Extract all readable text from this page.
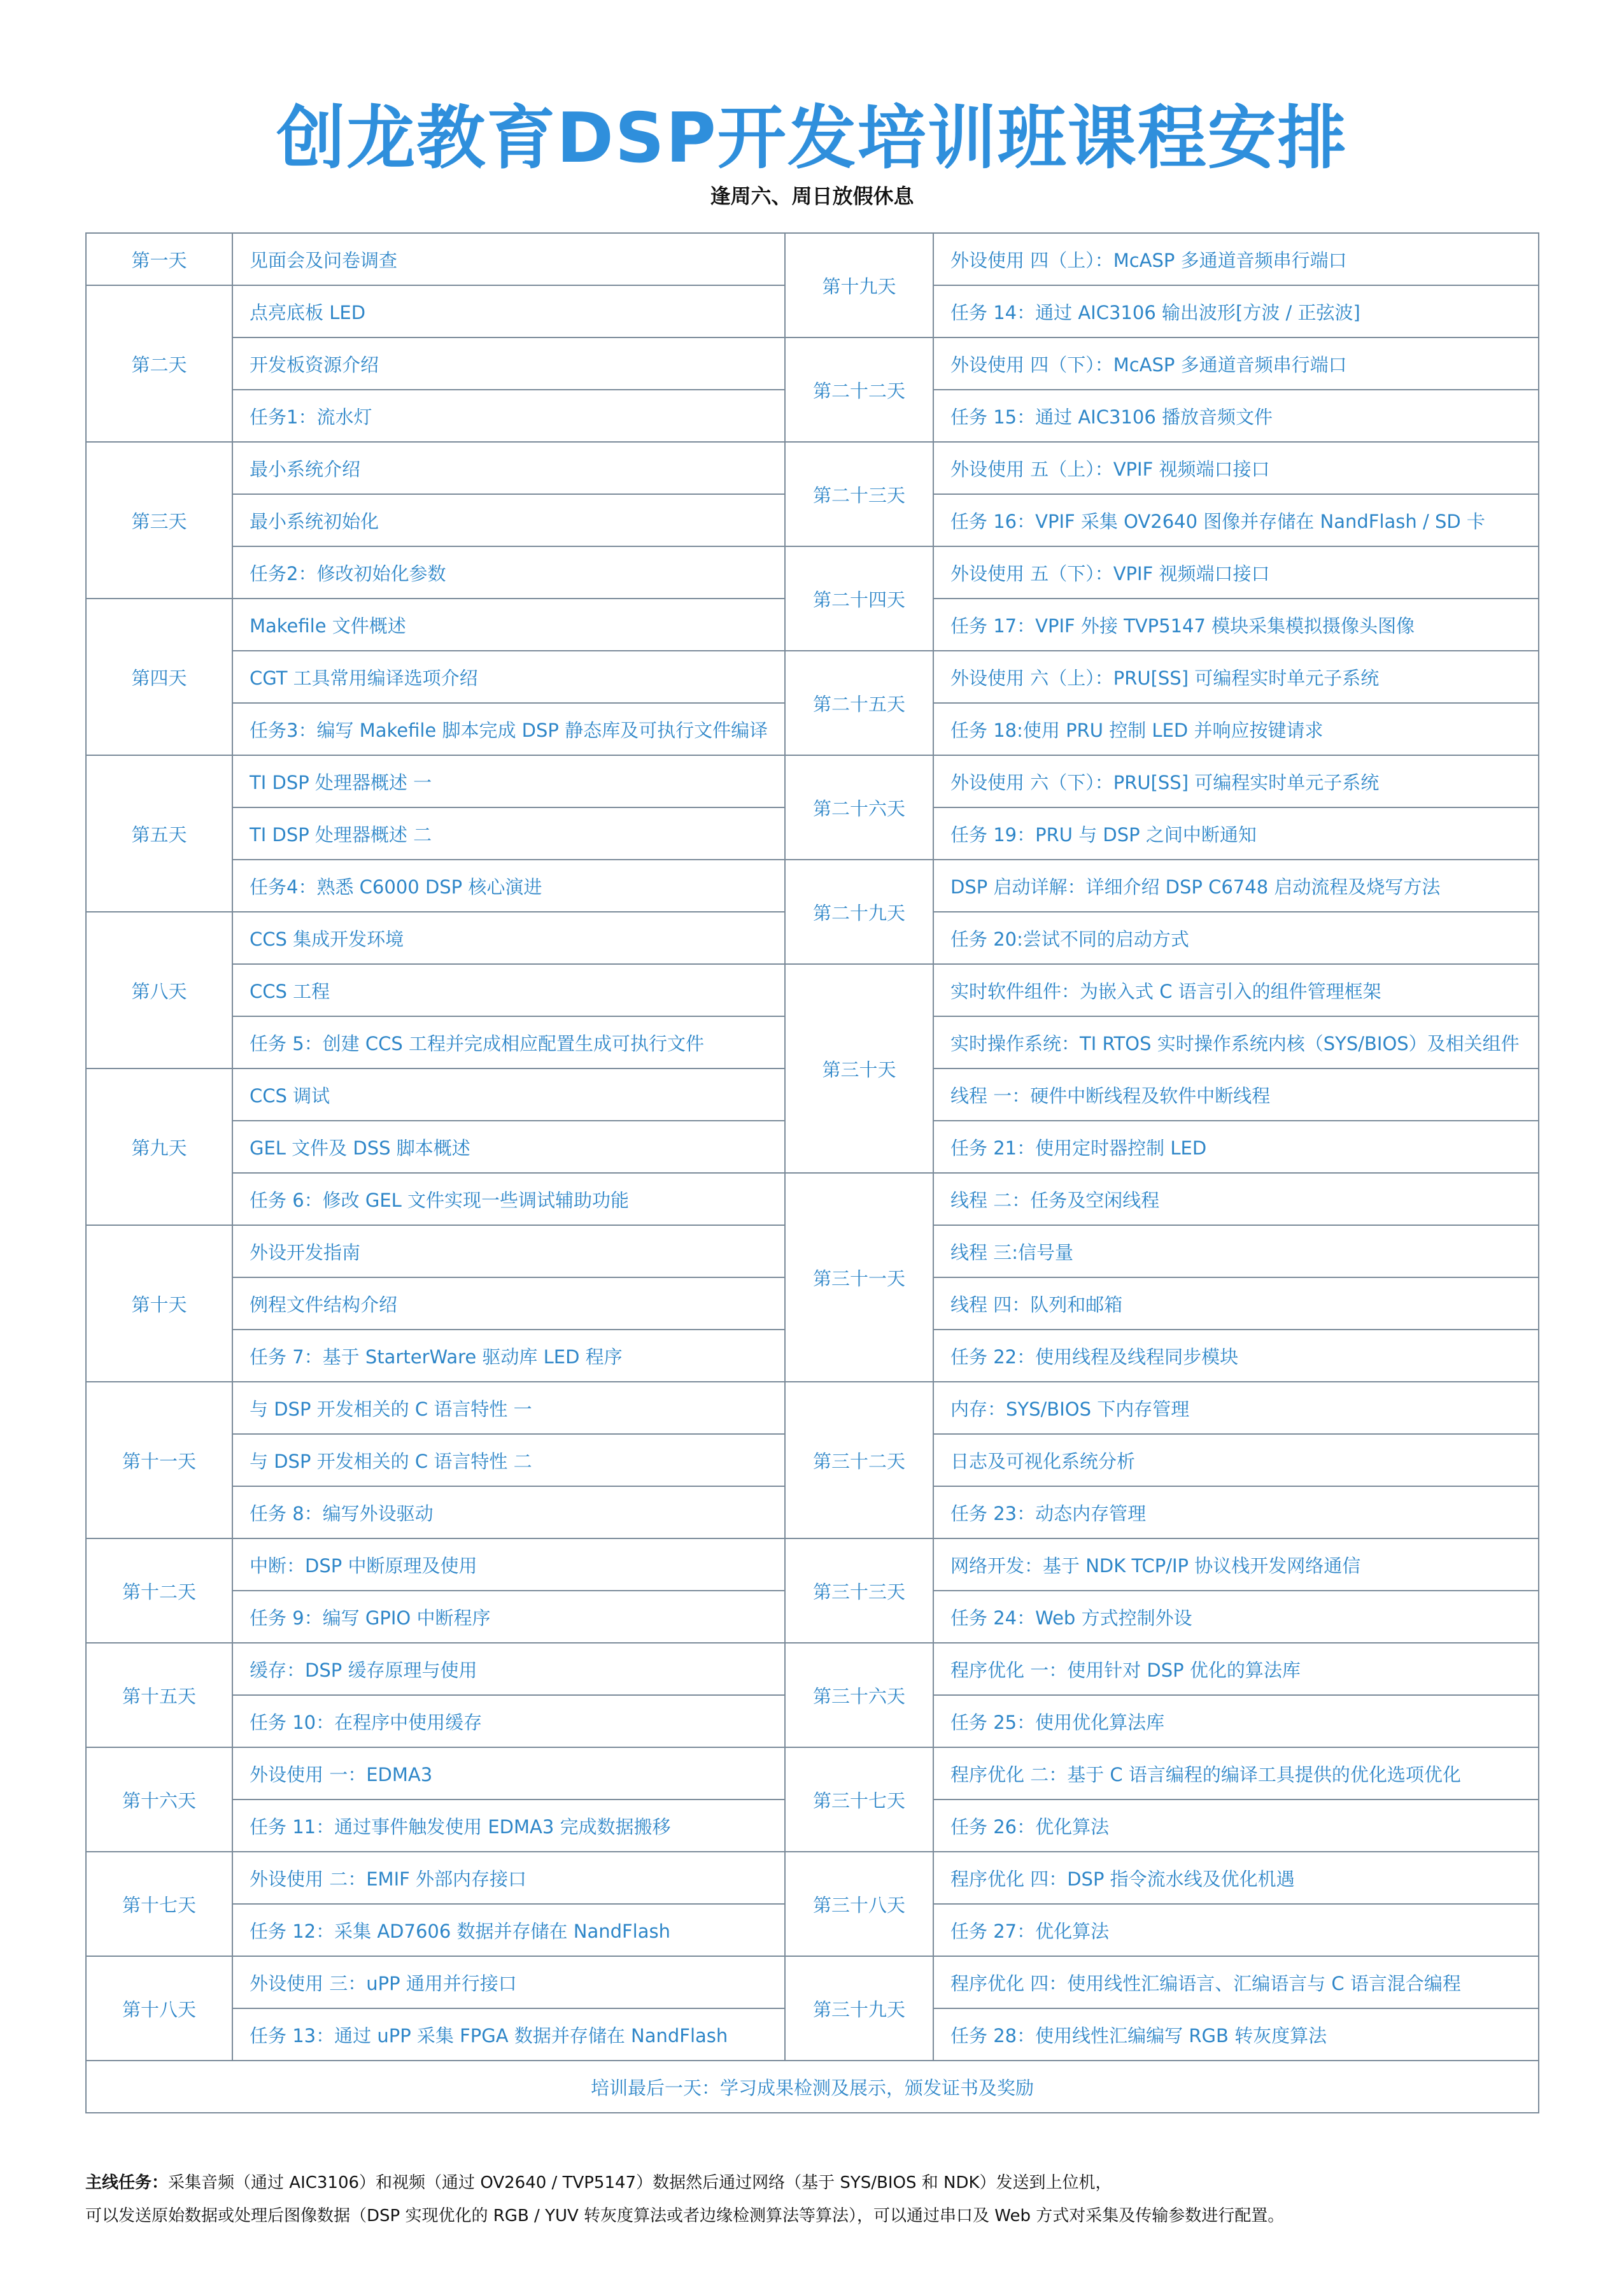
创龙教育DSP开发培训班课程安排
逢周六、周日放假休息
第一天	见面会及问卷调查	第十九天	外设使用 四（上）：McASP 多通道音频串行端口
第二天	点亮底板 LED		任务 14：通过 AIC3106 输出波形[方波 / 正弦波]
	开发板资源介绍	第二十二天	外设使用 四（下）：McASP 多通道音频串行端口
	任务1：流水灯		任务 15：通过 AIC3106 播放音频文件
第三天	最小系统介绍	第二十三天	外设使用 五（上）：VPIF 视频端口接口
	最小系统初始化		任务 16：VPIF 采集 OV2640 图像并存储在 NandFlash / SD 卡
	任务2：修改初始化参数	第二十四天	外设使用 五（下）：VPIF 视频端口接口
第四天	Makefile 文件概述		任务 17：VPIF 外接 TVP5147 模块采集模拟摄像头图像
	CGT 工具常用编译选项介绍	第二十五天	外设使用 六（上）：PRU[SS] 可编程实时单元子系统
	任务3：编写 Makefile 脚本完成 DSP 静态库及可执行文件编译		任务 18:使用 PRU 控制 LED 并响应按键请求
第五天	TI DSP 处理器概述 一	第二十六天	外设使用 六（下）：PRU[SS] 可编程实时单元子系统
	TI DSP 处理器概述 二		任务 19：PRU 与 DSP 之间中断通知
	任务4：熟悉 C6000 DSP 核心演进	第二十九天	DSP 启动详解：详细介绍 DSP C6748 启动流程及烧写方法
第八天	CCS 集成开发环境		任务 20:尝试不同的启动方式
	CCS 工程	第三十天	实时软件组件：为嵌入式 C 语言引入的组件管理框架
	任务 5：创建 CCS 工程并完成相应配置生成可执行文件		实时操作系统：TI RTOS 实时操作系统内核（SYS/BIOS）及相关组件
第九天	CCS 调试		线程 一：硬件中断线程及软件中断线程
	GEL 文件及 DSS 脚本概述		任务 21：使用定时器控制 LED
	任务 6：修改 GEL 文件实现一些调试辅助功能	第三十一天	线程 二：任务及空闲线程
第十天	外设开发指南		线程 三:信号量
	例程文件结构介绍		线程 四：队列和邮箱
	任务 7：基于 StarterWare 驱动库 LED 程序		任务 22：使用线程及线程同步模块
第十一天	与 DSP 开发相关的 C 语言特性 一	第三十二天	内存：SYS/BIOS 下内存管理
	与 DSP 开发相关的 C 语言特性 二		日志及可视化系统分析
	任务 8：编写外设驱动		任务 23：动态内存管理
第十二天	中断：DSP 中断原理及使用	第三十三天	网络开发：基于 NDK TCP/IP 协议栈开发网络通信
	任务 9：编写 GPIO 中断程序		任务 24：Web 方式控制外设
第十五天	缓存：DSP 缓存原理与使用	第三十六天	程序优化 一：使用针对 DSP 优化的算法库
	任务 10：在程序中使用缓存		任务 25：使用优化算法库
第十六天	外设使用 一：EDMA3	第三十七天	程序优化 二：基于 C 语言编程的编译工具提供的优化选项优化
	任务 11：通过事件触发使用 EDMA3 完成数据搬移		任务 26：优化算法
第十七天	外设使用 二：EMIF 外部内存接口	第三十八天	程序优化 四：DSP 指令流水线及优化机遇
	任务 12：采集 AD7606 数据并存储在 NandFlash		任务 27：优化算法
第十八天	外设使用 三：uPP 通用并行接口	第三十九天	程序优化 四：使用线性汇编语言、汇编语言与 C 语言混合编程
	任务 13：通过 uPP 采集 FPGA 数据并存储在 NandFlash		任务 28：使用线性汇编编写 RGB 转灰度算法
培训最后一天：学习成果检测及展示，颁发证书及奖励			
主线任务：采集音频（通过 AIC3106）和视频（通过 OV2640 / TVP5147）数据然后通过网络（基于 SYS/BIOS 和 NDK）发送到上位机，
可以发送原始数据或处理后图像数据（DSP 实现优化的 RGB / YUV 转灰度算法或者边缘检测算法等算法），可以通过串口及 Web 方式对采集及传输参数进行配置。
